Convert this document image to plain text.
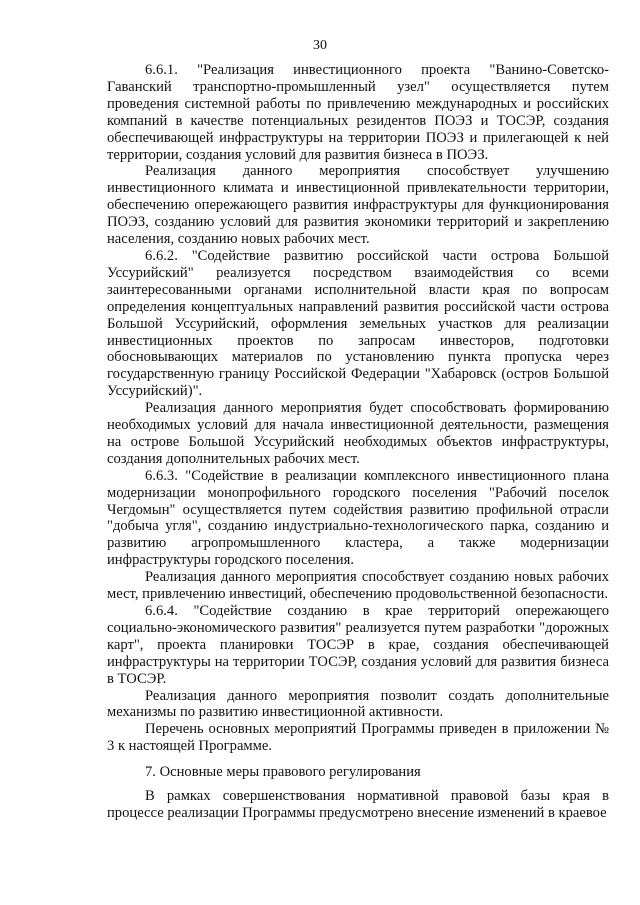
30

6.6.1. "Реализация инвестиционного проекта "Ванино-Советско-Гаванский транспортно-промышленный узел" осуществляется путем проведения системной работы по привлечению международных и российских компаний в качестве потенциальных резидентов ПОЭЗ и ТОСЭР, создания обеспечивающей инфраструктуры на территории ПОЭЗ и прилегающей к ней территории, создания условий для развития бизнеса в ПОЭЗ.

Реализация данного мероприятия способствует улучшению инвестиционного климата и инвестиционной привлекательности территории, обеспечению опережающего развития инфраструктуры для функционирования ПОЭЗ, созданию условий для развития экономики территорий и закреплению населения, созданию новых рабочих мест.

6.6.2. "Содействие развитию российской части острова Большой Уссурийский" реализуется посредством взаимодействия со всеми заинтересованными органами исполнительной власти края по вопросам определения концептуальных направлений развития российской части острова Большой Уссурийский, оформления земельных участков для реализации инвестиционных проектов по запросам инвесторов, подготовки обосновывающих материалов по установлению пункта пропуска через государственную границу Российской Федерации "Хабаровск (остров Большой Уссурийский)".

Реализация данного мероприятия будет способствовать формированию необходимых условий для начала инвестиционной деятельности, размещения на острове Большой Уссурийский необходимых объектов инфраструктуры, создания дополнительных рабочих мест.

6.6.3. "Содействие в реализации комплексного инвестиционного плана модернизации монопрофильного городского поселения "Рабочий поселок Чегдомын" осуществляется путем содействия развитию профильной отрасли "добыча угля", созданию индустриально-технологического парка, созданию и развитию агропромышленного кластера, а также модернизации инфраструктуры городского поселения.

Реализация данного мероприятия способствует созданию новых рабочих мест, привлечению инвестиций, обеспечению продовольственной безопасности.

6.6.4. "Содействие созданию в крае территорий опережающего социально-экономического развития" реализуется путем разработки "дорожных карт", проекта планировки ТОСЭР в крае, создания обеспечивающей инфраструктуры на территории ТОСЭР, создания условий для развития бизнеса в ТОСЭР.

Реализация данного мероприятия позволит создать дополнительные механизмы по развитию инвестиционной активности.

Перечень основных мероприятий Программы приведен в приложении № 3 к настоящей Программе.

7. Основные меры правового регулирования

В рамках совершенствования нормативной правовой базы края в процессе реализации Программы предусмотрено внесение изменений в краевое
